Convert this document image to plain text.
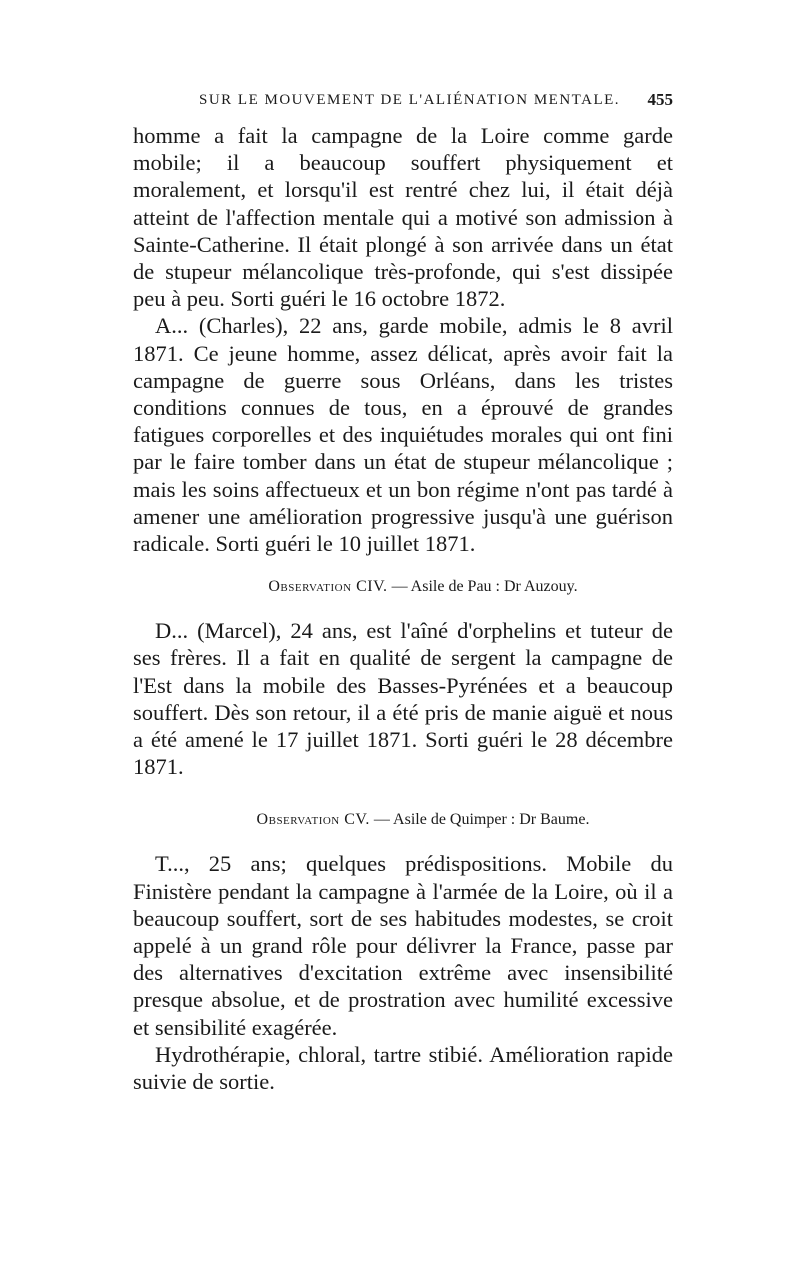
SUR LE MOUVEMENT DE L'ALIÉNATION MENTALE. 455

homme a fait la campagne de la Loire comme garde mobile; il a beaucoup souffert physiquement et moralement, et lorsqu'il est rentré chez lui, il était déjà atteint de l'affection mentale qui a motivé son admission à Sainte-Catherine. Il était plongé à son arrivée dans un état de stupeur mélancolique très-profonde, qui s'est dissipée peu à peu. Sorti guéri le 16 octobre 1872.

A... (Charles), 22 ans, garde mobile, admis le 8 avril 1871. Ce jeune homme, assez délicat, après avoir fait la campagne de guerre sous Orléans, dans les tristes conditions connues de tous, en a éprouvé de grandes fatigues corporelles et des inquiétudes morales qui ont fini par le faire tomber dans un état de stupeur mélancolique ; mais les soins affectueux et un bon régime n'ont pas tardé à amener une amélioration progressive jusqu'à une guérison radicale. Sorti guéri le 10 juillet 1871.

Observation CIV. — Asile de Pau : Dr Auzouy.

D... (Marcel), 24 ans, est l'aîné d'orphelins et tuteur de ses frères. Il a fait en qualité de sergent la campagne de l'Est dans la mobile des Basses-Pyrénées et a beaucoup souffert. Dès son retour, il a été pris de manie aiguë et nous a été amené le 17 juillet 1871. Sorti guéri le 28 décembre 1871.

Observation CV. — Asile de Quimper : Dr Baume.

T..., 25 ans; quelques prédispositions. Mobile du Finistère pendant la campagne à l'armée de la Loire, où il a beaucoup souffert, sort de ses habitudes modestes, se croit appelé à un grand rôle pour délivrer la France, passe par des alternatives d'excitation extrême avec insensibilité presque absolue, et de prostration avec humilité excessive et sensibilité exagérée.

Hydrothérapie, chloral, tartre stibié. Amélioration rapide suivie de sortie.
